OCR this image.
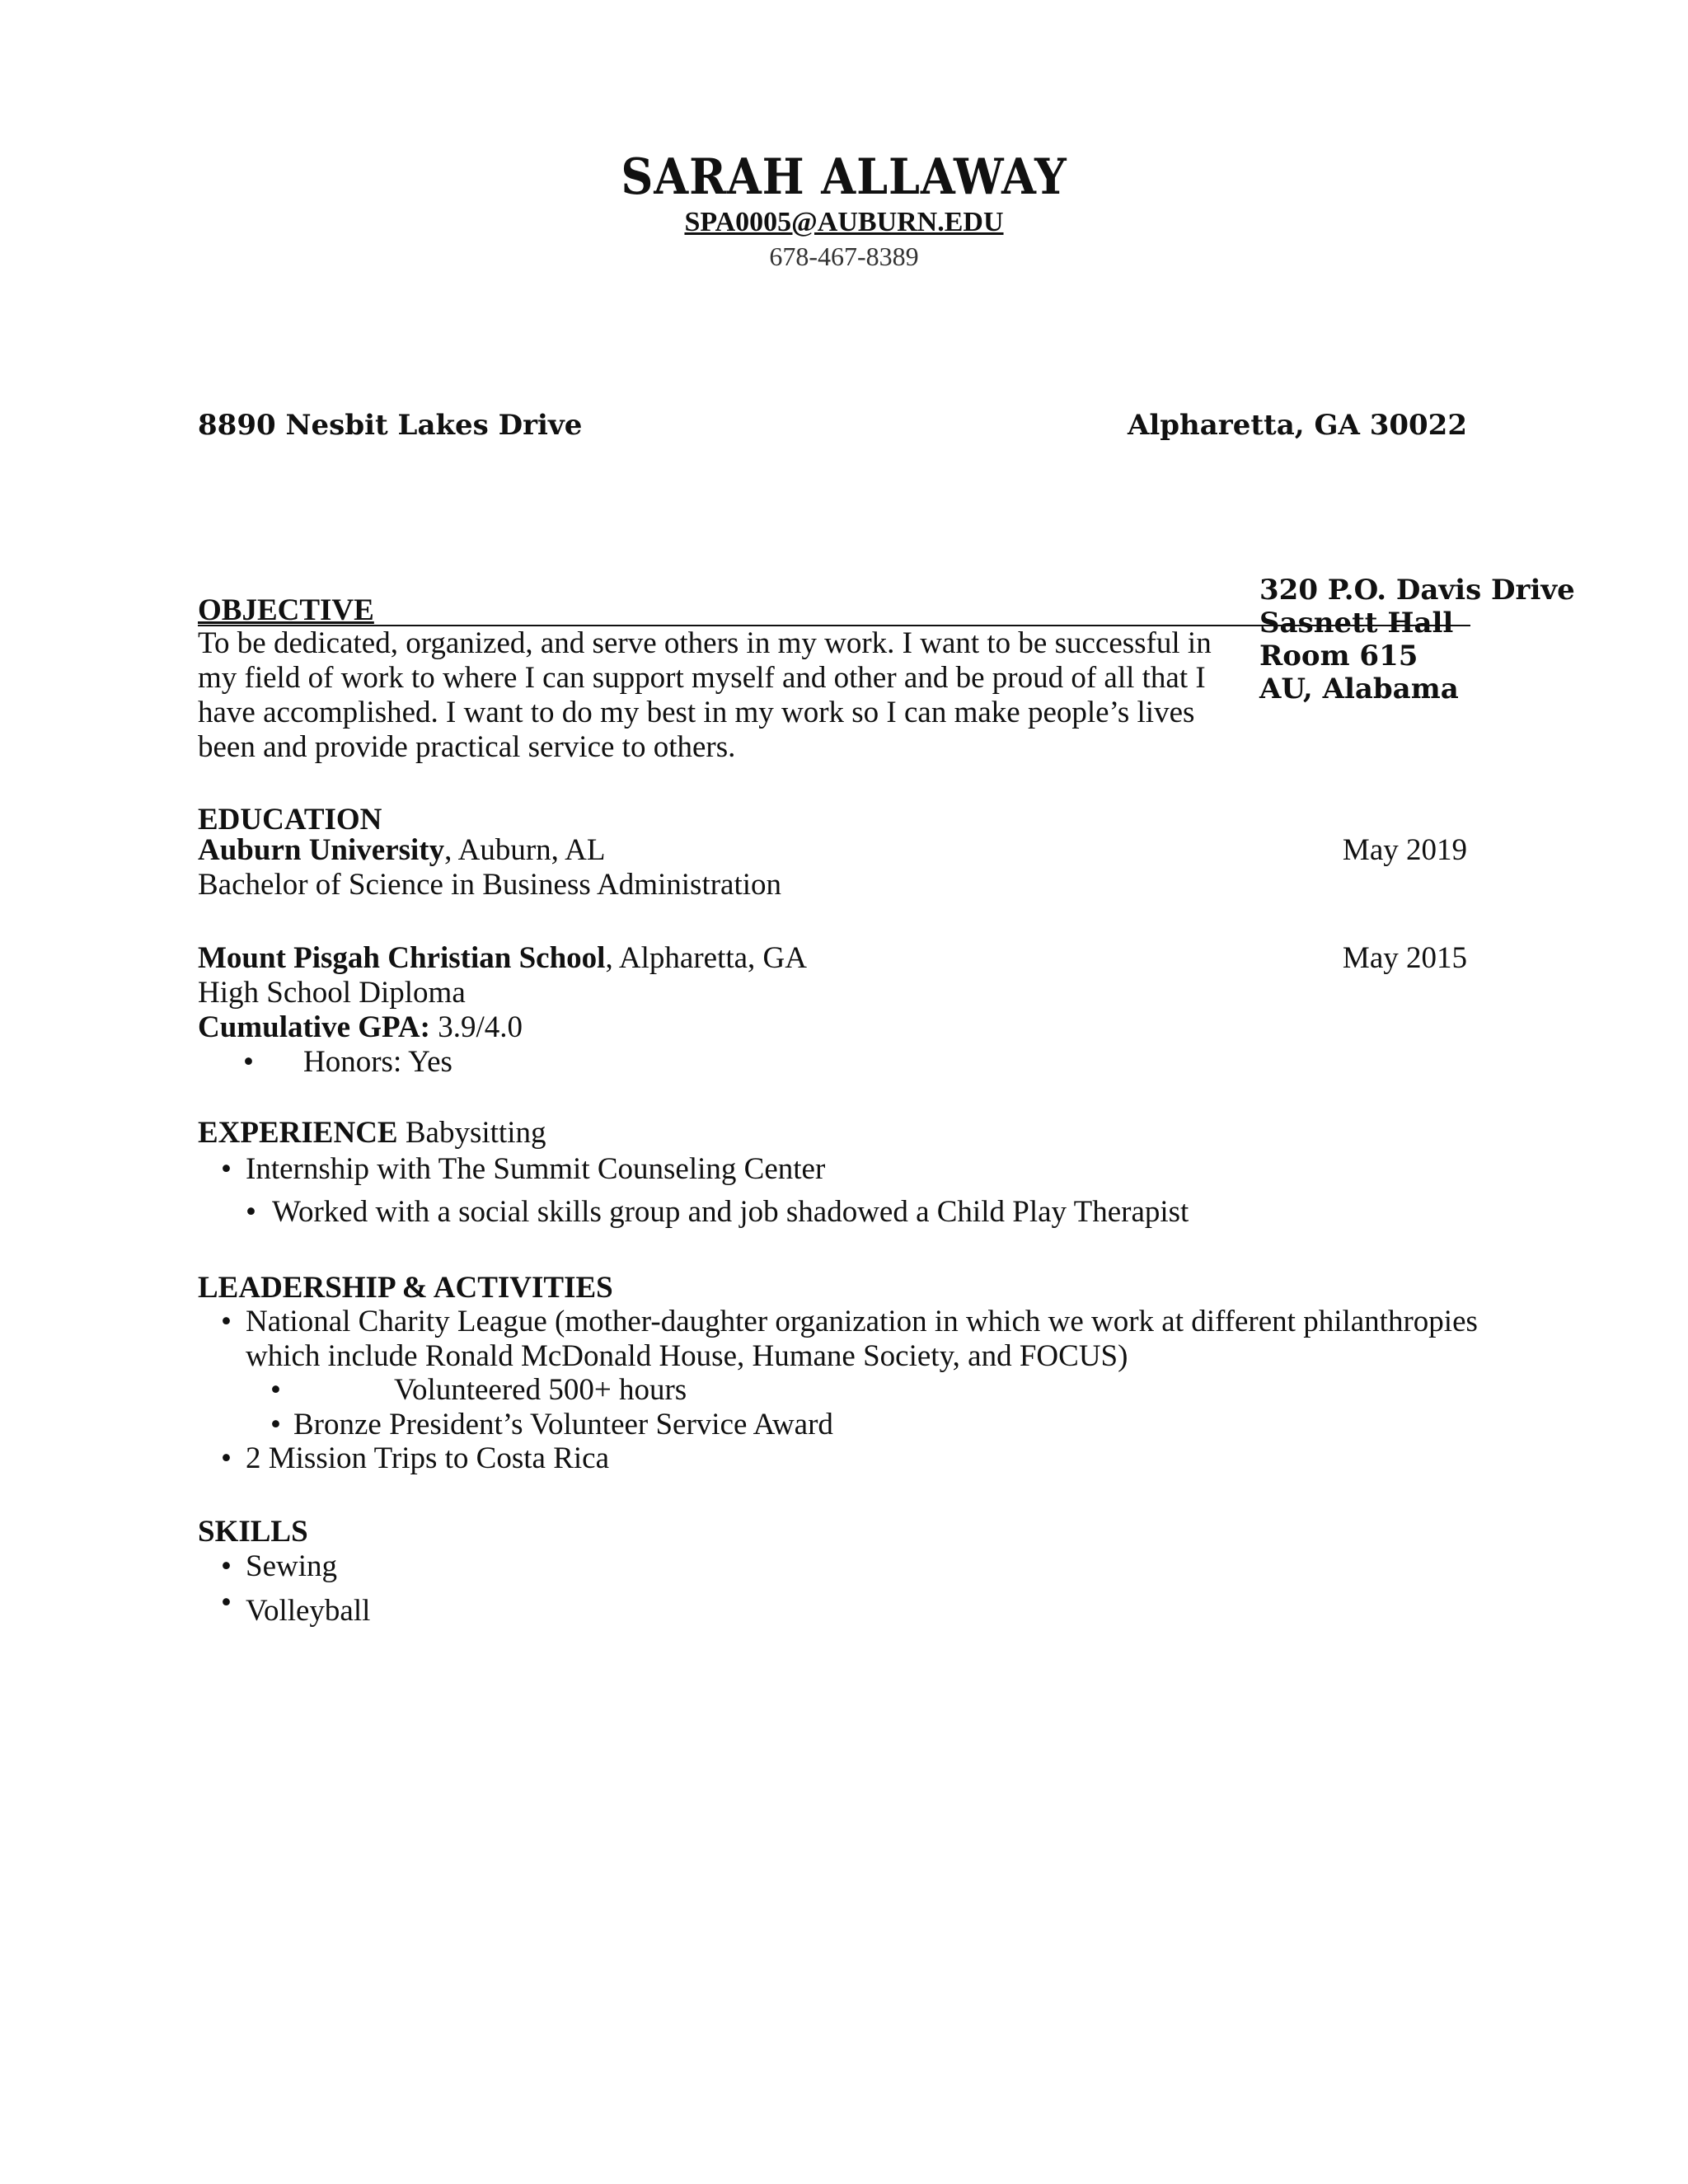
SARAH ALLAWAY
SPA0005@AUBURN.EDU
678-467-8389
8890 Nesbit Lakes Drive	Alpharetta, GA 30022
320 P.O. Davis Drive
Sasnett Hall
Room 615
AU, Alabama
OBJECTIVE
To be dedicated, organized, and serve others in my work. I want to be successful in my field of work to where I can support myself and other and be proud of all that I have accomplished. I want to do my best in my work so I can make people’s lives been and provide practical service to others.
EDUCATION
Auburn University, Auburn, AL	May 2019
Bachelor of Science in Business Administration
Mount Pisgah Christian School, Alpharetta, GA	May 2015
High School Diploma
Cumulative GPA: 3.9/4.0
• Honors: Yes
EXPERIENCE Babysitting
• Internship with The Summit Counseling Center
• Worked with a social skills group and job shadowed a Child Play Therapist
LEADERSHIP & ACTIVITIES
• National Charity League (mother-daughter organization in which we work at different philanthropies
which include Ronald McDonald House, Humane Society, and FOCUS)
•	Volunteered 500+ hours
• Bronze President’s Volunteer Service Award
• 2 Mission Trips to Costa Rica
SKILLS
• Sewing
• Volleyball
